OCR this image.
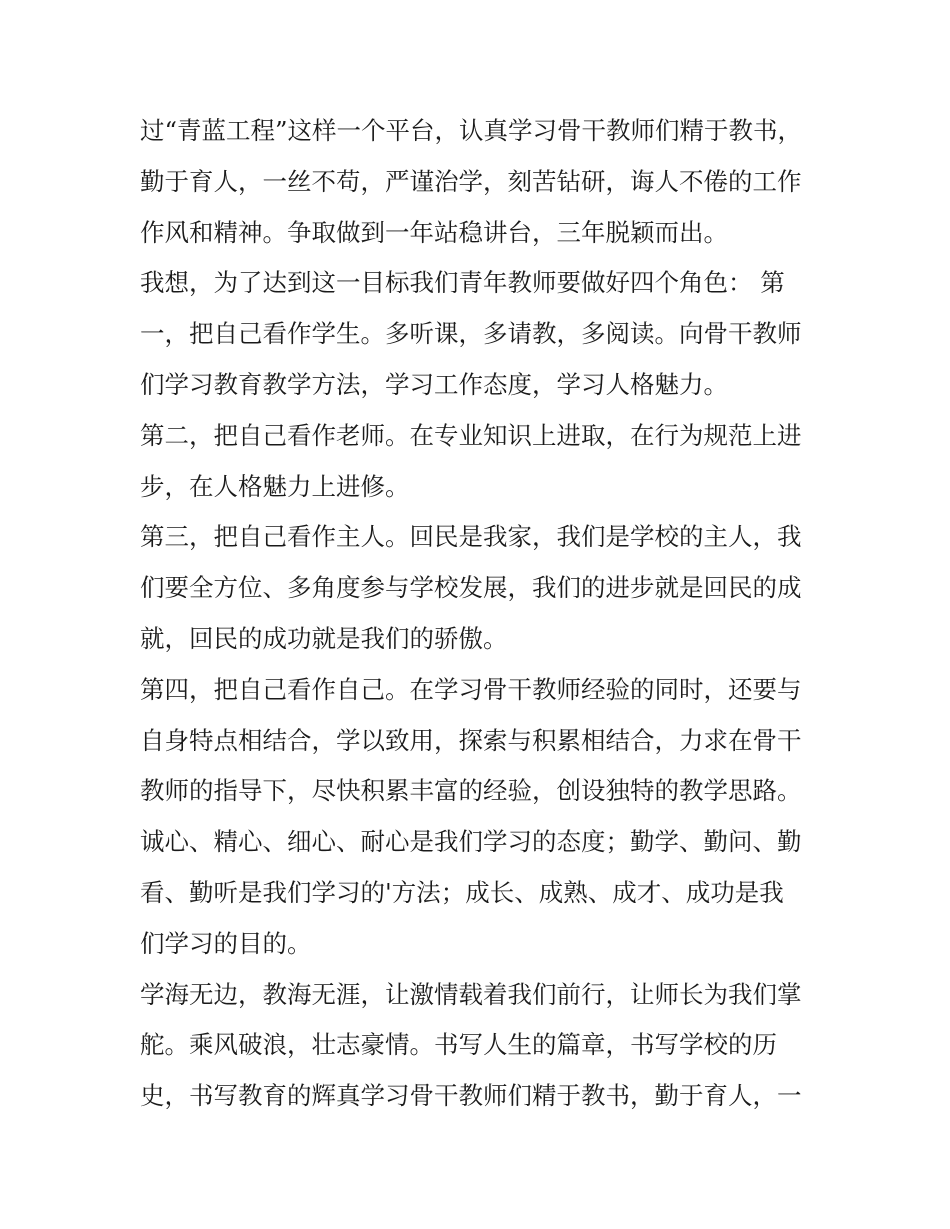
过“青蓝工程”这样一个平台，认真学习骨干教师们精于教书，
勤于育人，一丝不苟，严谨治学，刻苦钻研，诲人不倦的工作
作风和精神。争取做到一年站稳讲台，三年脱颖而出。
我想，为了达到这一目标我们青年教师要做好四个角色： 第
一，把自己看作学生。多听课，多请教，多阅读。向骨干教师
们学习教育教学方法，学习工作态度，学习人格魅力。
第二，把自己看作老师。在专业知识上进取，在行为规范上进
步，在人格魅力上进修。
第三，把自己看作主人。回民是我家，我们是学校的主人，我
们要全方位、多角度参与学校发展，我们的进步就是回民的成
就，回民的成功就是我们的骄傲。
第四，把自己看作自己。在学习骨干教师经验的同时，还要与
自身特点相结合，学以致用，探索与积累相结合，力求在骨干
教师的指导下，尽快积累丰富的经验，创设独特的教学思路。
诚心、精心、细心、耐心是我们学习的态度；勤学、勤问、勤
看、勤听是我们学习的'方法；成长、成熟、成才、成功是我
们学习的目的。
学海无边，教海无涯，让激情载着我们前行，让师长为我们掌
舵。乘风破浪，壮志豪情。书写人生的篇章，书写学校的历
史，书写教育的辉真学习骨干教师们精于教书，勤于育人，一
